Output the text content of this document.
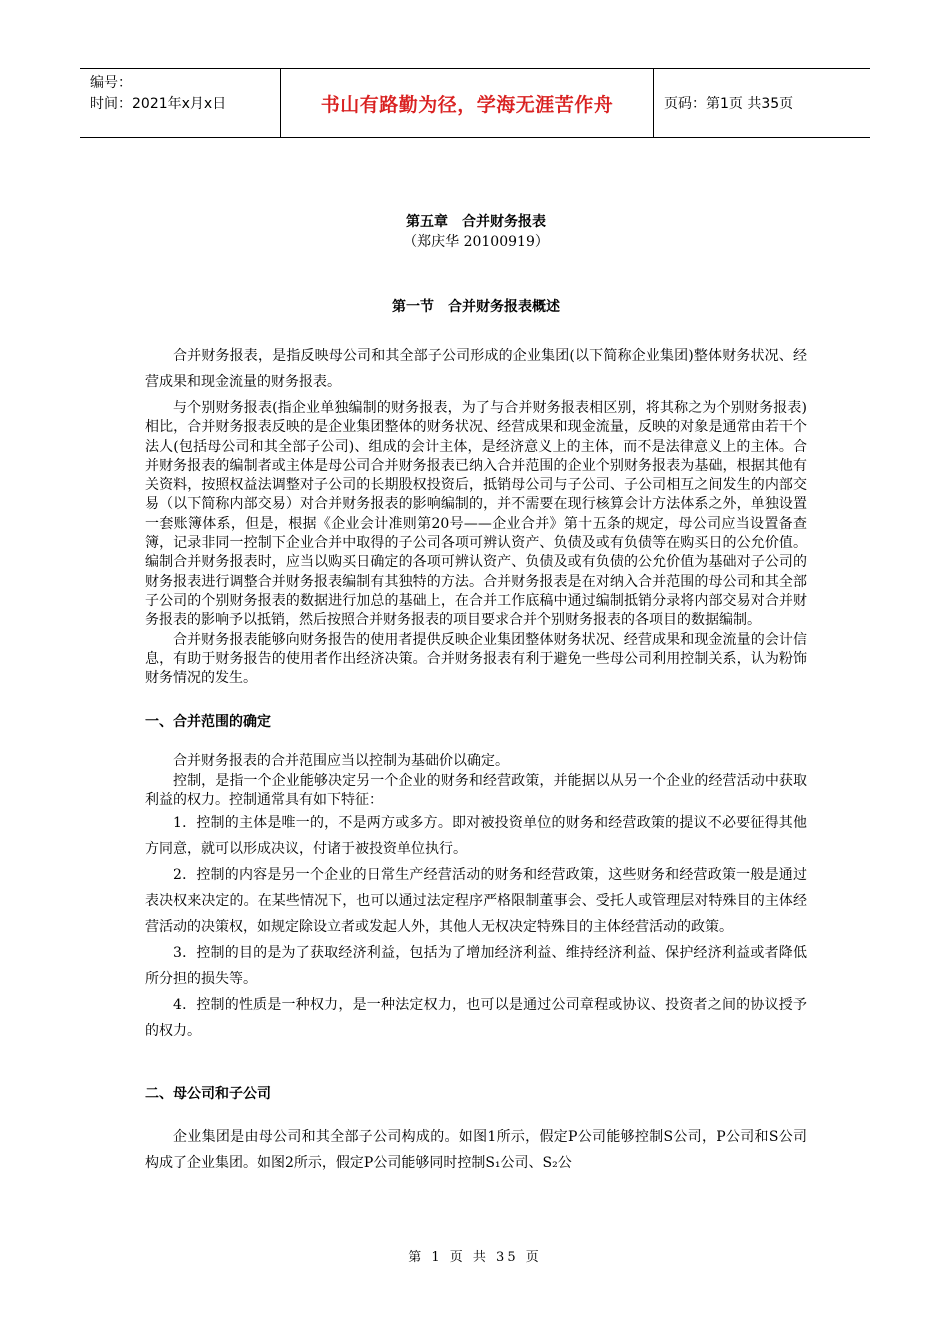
编号：
时间：2021年x月x日	书山有路勤为径，学海无涯苦作舟	页码：第1页 共35页
第五章　合并财务报表
（郑庆华 20100919）
第一节　合并财务报表概述

合并财务报表，是指反映母公司和其全部子公司形成的企业集团(以下简称企业集团)整体财务状况、经营成果和现金流量的财务报表。

与个别财务报表(指企业单独编制的财务报表，为了与合并财务报表相区别，将其称之为个别财务报表)相比，合并财务报表反映的是企业集团整体的财务状况、经营成果和现金流量，反映的对象是通常由若干个法人(包括母公司和其全部子公司)、组成的会计主体，是经济意义上的主体，而不是法律意义上的主体。合并财务报表的编制者或主体是母公司合并财务报表已纳入合并范围的企业个别财务报表为基础，根据其他有关资料，按照权益法调整对子公司的长期股权投资后，抵销母公司与子公司、子公司相互之间发生的内部交易（以下简称内部交易）对合并财务报表的影响编制的，并不需要在现行核算会计方法体系之外，单独设置一套账簿体系，但是，根据《企业会计准则第20号——企业合并》第十五条的规定，母公司应当设置备查簿，记录非同一控制下企业合并中取得的子公司各项可辨认资产、负债及或有负债等在购买日的公允价值。编制合并财务报表时，应当以购买日确定的各项可辨认资产、负债及或有负债的公允价值为基础对子公司的财务报表进行调整合并财务报表编制有其独特的方法。合并财务报表是在对纳入合并范围的母公司和其全部子公司的个别财务报表的数据进行加总的基础上，在合并工作底稿中通过编制抵销分录将内部交易对合并财务报表的影响予以抵销，然后按照合并财务报表的项目要求合并个别财务报表的各项目的数据编制。

合并财务报表能够向财务报告的使用者提供反映企业集团整体财务状况、经营成果和现金流量的会计信息，有助于财务报告的使用者作出经济决策。合并财务报表有利于避免一些母公司利用控制关系，认为粉饰财务情况的发生。

一、合并范围的确定

合并财务报表的合并范围应当以控制为基础价以确定。

控制，是指一个企业能够决定另一个企业的财务和经营政策，并能据以从另一个企业的经营活动中获取利益的权力。控制通常具有如下特征：

1．控制的主体是唯一的，不是两方或多方。即对被投资单位的财务和经营政策的提议不必要征得其他方同意，就可以形成决议，付诸于被投资单位执行。

2．控制的内容是另一个企业的日常生产经营活动的财务和经营政策，这些财务和经营政策一般是通过表决权来决定的。在某些情况下，也可以通过法定程序严格限制董事会、受托人或管理层对特殊目的主体经营活动的决策权，如规定除设立者或发起人外，其他人无权决定特殊目的主体经营活动的政策。

3．控制的目的是为了获取经济利益，包括为了增加经济利益、维持经济利益、保护经济利益或者降低所分担的损失等。

4．控制的性质是一种权力，是一种法定权力，也可以是通过公司章程或协议、投资者之间的协议授予的权力。

二、母公司和子公司

企业集团是由母公司和其全部子公司构成的。如图1所示，假定P公司能够控制S公司，P公司和S公司构成了企业集团。如图2所示，假定P公司能够同时控制S₁公司、S₂公

第 1 页 共 35 页
